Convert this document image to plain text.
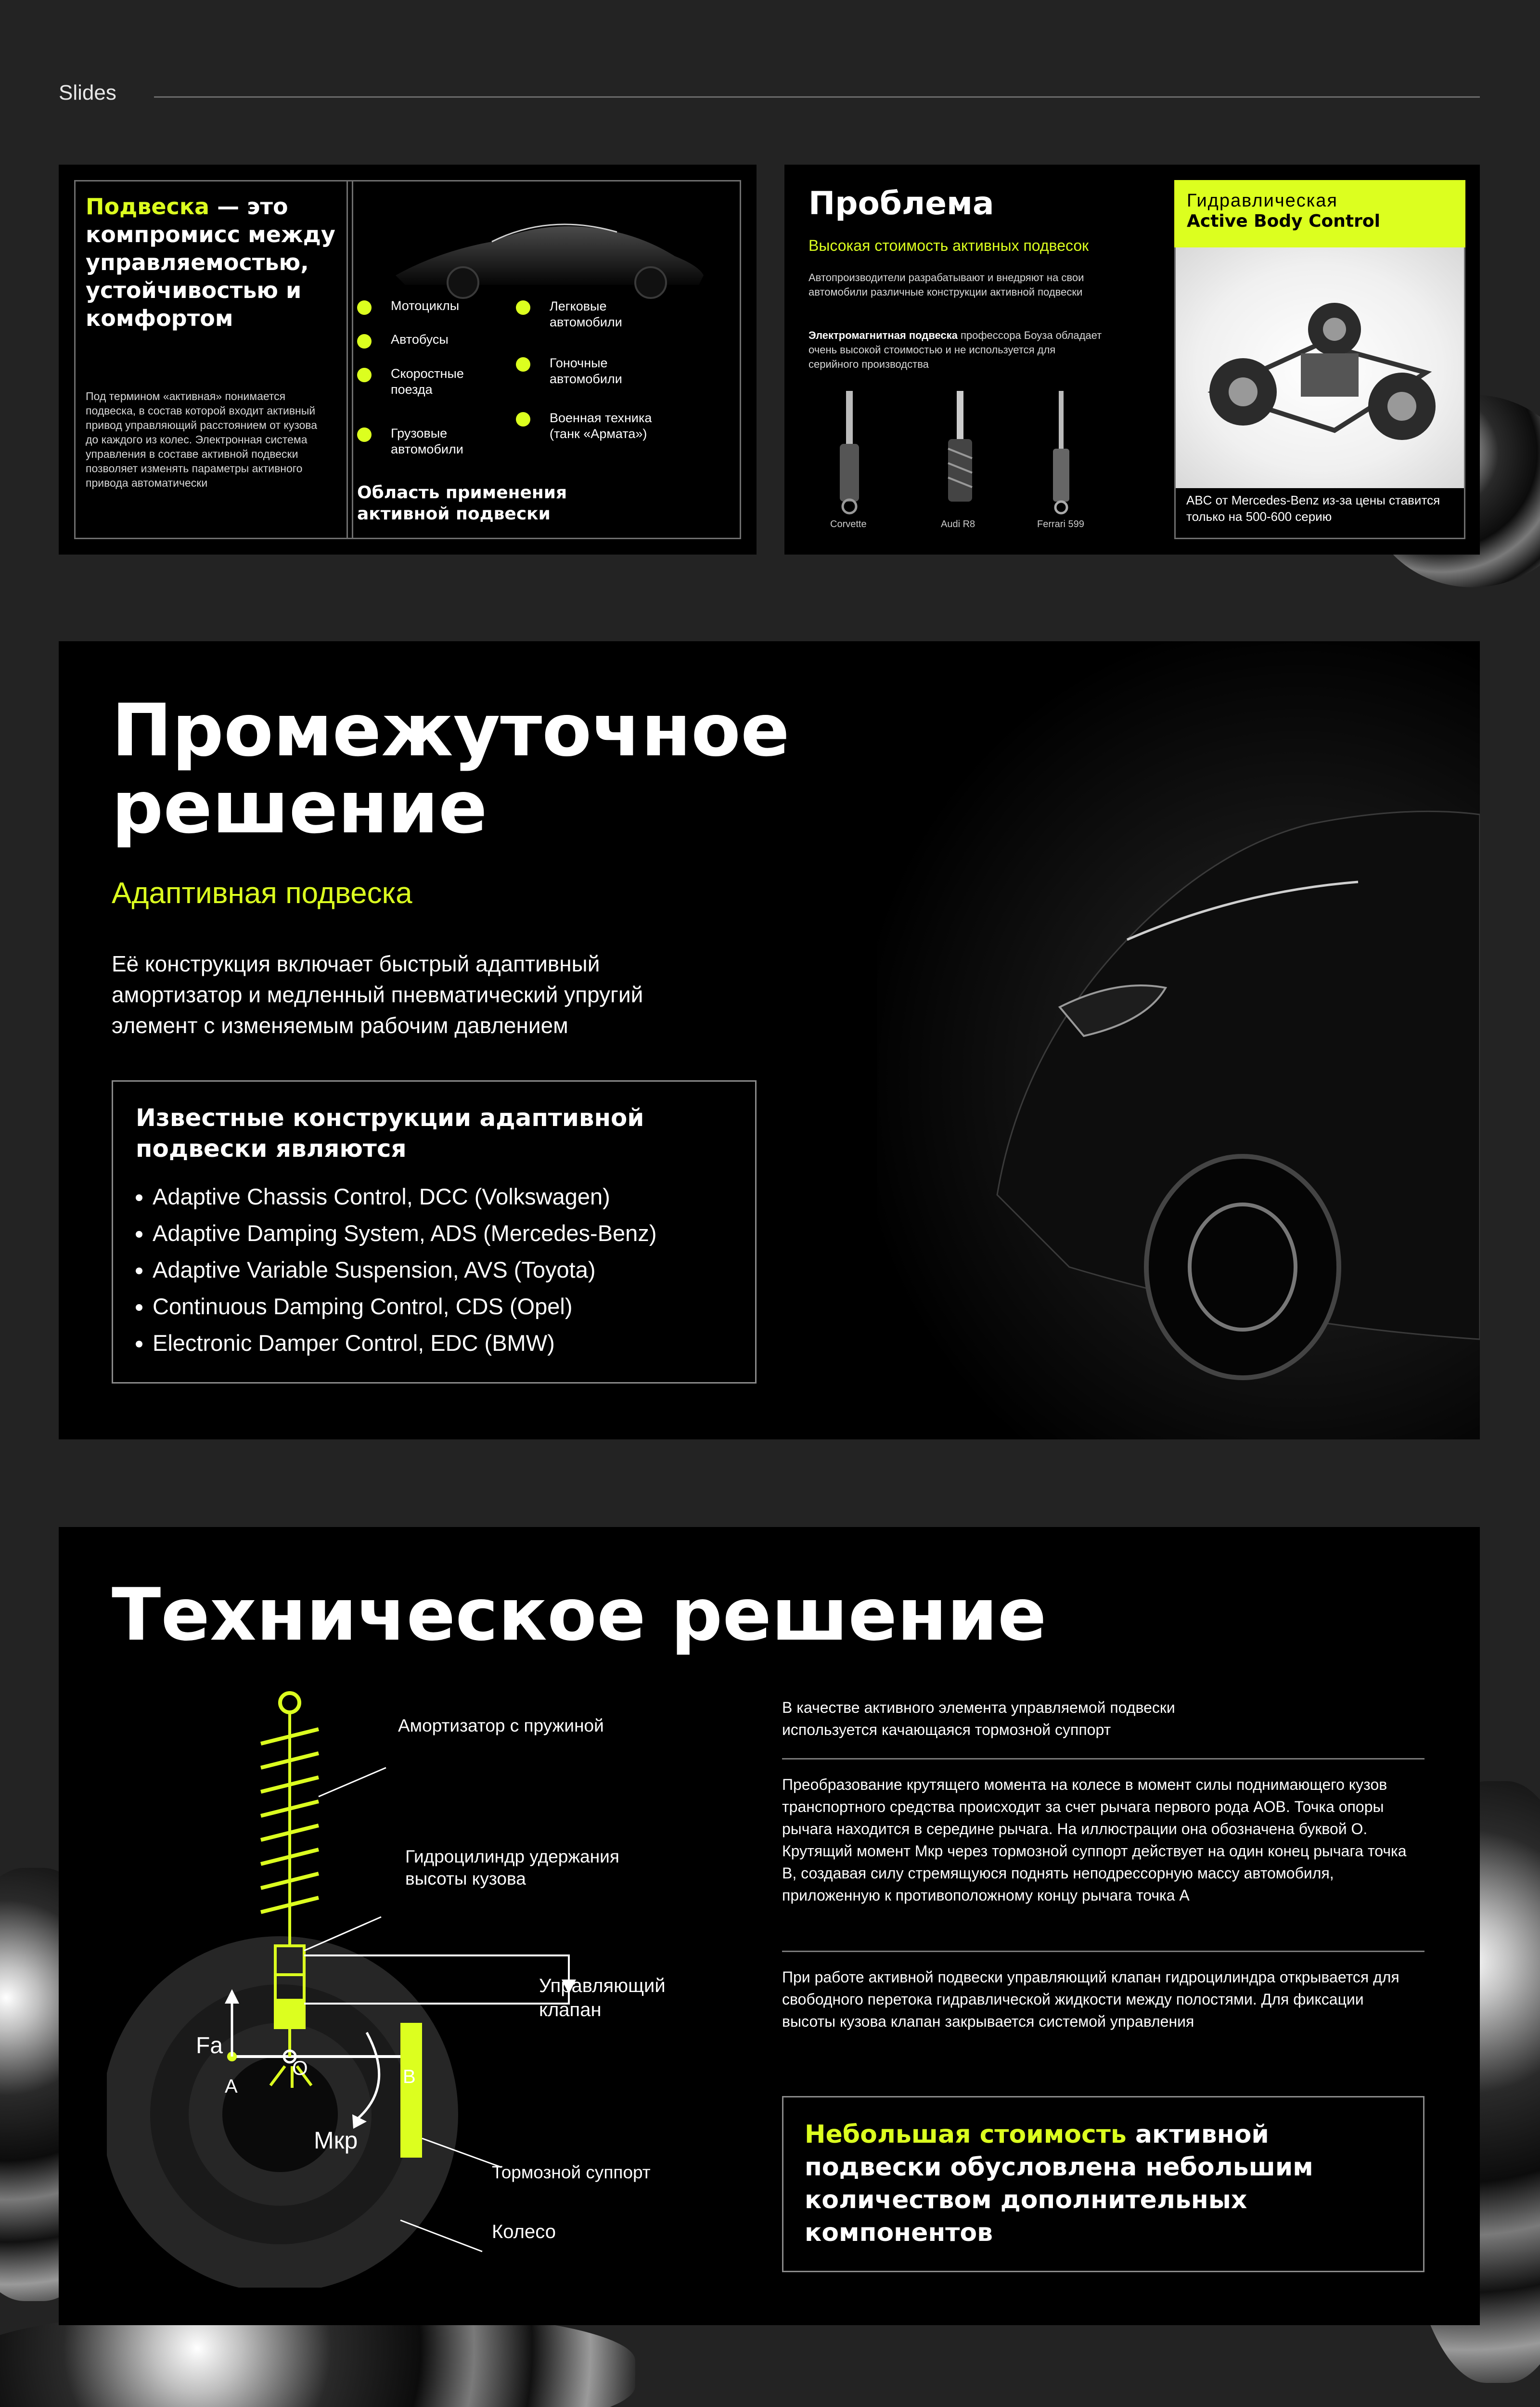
Slides
Подвеска — это компромисс между управляемостью, устойчивостью и комфортом
Под термином «активная» понимается подвеска, в состав которой входит активный привод управляющий расстоянием от кузова до каждого из колес. Электронная система управления в составе активной подвески позволяет изменять параметры активного привода автоматически
Мотоциклы
Автобусы
Скоростные поезда
Грузовые автомобили
Легковые автомобили
Гоночные автомобили
Военная техника (танк «Армата»)
Область применения активной подвески
Проблема
Высокая стоимость активных подвесок
Автопроизводители разрабатывают и внедряют на свои автомобили различные конструкции активной подвески
Электромагнитная подвеска профессора Боуза обладает очень высокой стоимостью и не используется для серийного производства
Corvette	Audi R8	Ferrari 599
Гидравлическая
Active Body Control
ABC от Mercedes-Benz из-за цены ставится только на 500-600 серию
Промежуточное
решение
Адаптивная подвеска
Её конструкция включает быстрый адаптивный амортизатор и медленный пневматический упругий элемент с изменяемым рабочим давлением
Известные конструкции адаптивной подвески являются
• Adaptive Chassis Control, DCC (Volkswagen)
• Adaptive Damping System, ADS (Mercedes-Benz)
• Adaptive Variable Suspension, AVS (Toyota)
• Continuous Damping Control, CDS (Opel)
• Electronic Damper Control, EDC (BMW)
Техническое решение
Амортизатор с пружиной
Гидроцилиндр удержания высоты кузова
Управляющий клапан
Тормозной суппорт
Колесо
Fa
O
A	B
Мкр
В качестве активного элемента управляемой подвески используется качающаяся тормозной суппорт
Преобразование крутящего момента на колесе в момент силы поднимающего кузов транспортного средства происходит за счет рычага первого рода AOB. Точка опоры рычага находится в середине рычага. На иллюстрации она обозначена буквой O. Крутящий момент Мкр через тормозной суппорт действует на один конец рычага точка B, создавая силу стремящуюся поднять неподрессорную массу автомобиля, приложенную к противоположному концу рычага точка A
При работе активной подвески управляющий клапан гидроцилиндра открывается для свободного перетока гидравлической жидкости между полостями. Для фиксации высоты кузова клапан закрывается системой управления
Небольшая стоимость активной подвески обусловлена небольшим количеством дополнительных компонентов
